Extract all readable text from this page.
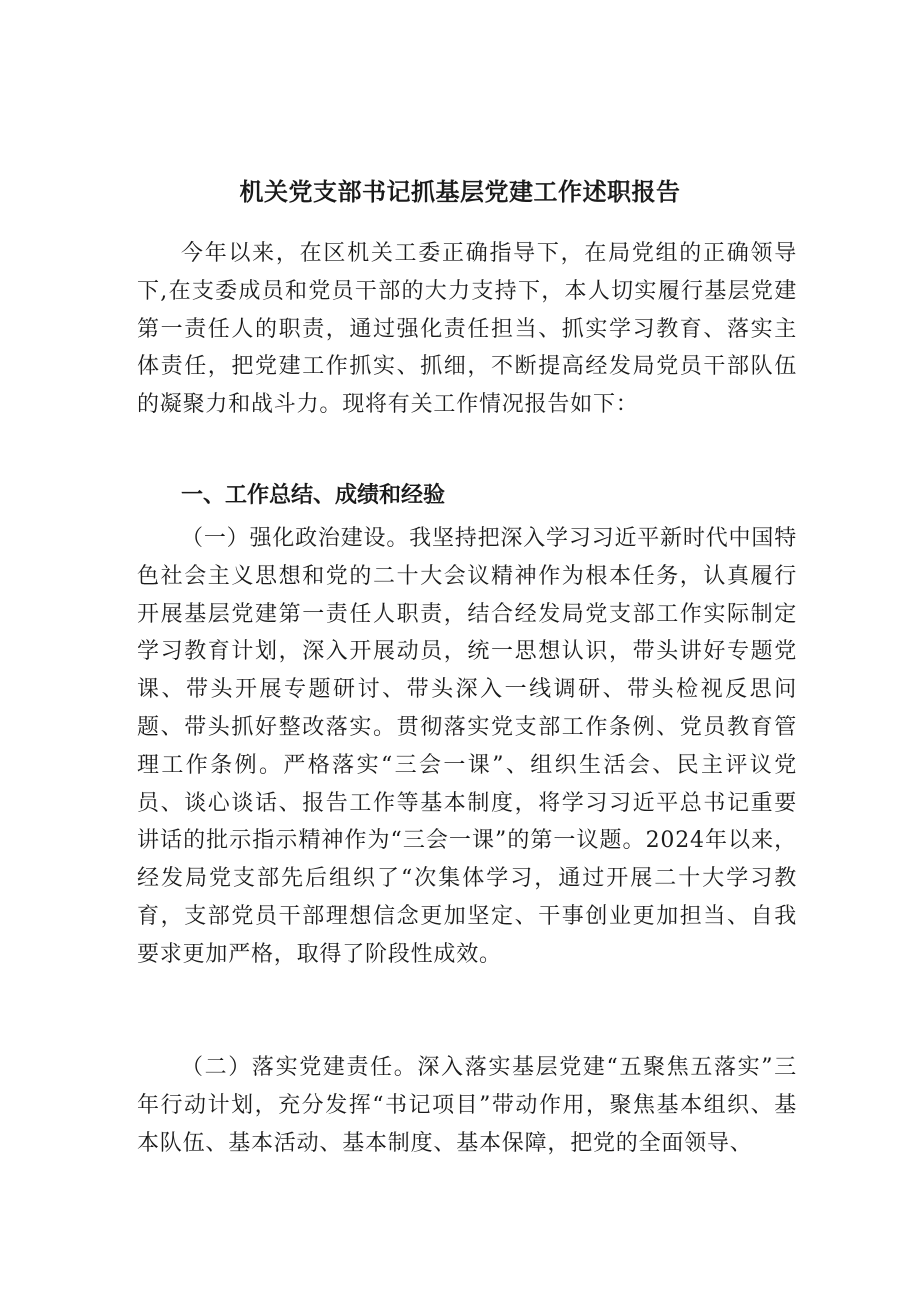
机关党支部书记抓基层党建工作述职报告

今年以来，在区机关工委正确指导下，在局党组的正确领导下,在支委成员和党员干部的大力支持下，本人切实履行基层党建第一责任人的职责，通过强化责任担当、抓实学习教育、落实主体责任，把党建工作抓实、抓细，不断提高经发局党员干部队伍的凝聚力和战斗力。现将有关工作情况报告如下：

一、工作总结、成绩和经验

（一）强化政治建设。我坚持把深入学习习近平新时代中国特色社会主义思想和党的二十大会议精神作为根本任务，认真履行开展基层党建第一责任人职责，结合经发局党支部工作实际制定学习教育计划，深入开展动员，统一思想认识，带头讲好专题党课、带头开展专题研讨、带头深入一线调研、带头检视反思问题、带头抓好整改落实。贯彻落实党支部工作条例、党员教育管理工作条例。严格落实“三会一课”、组织生活会、民主评议党员、谈心谈话、报告工作等基本制度，将学习习近平总书记重要讲话的批示指示精神作为“三会一课”的第一议题。2024年以来，经发局党支部先后组织了“次集体学习，通过开展二十大学习教育，支部党员干部理想信念更加坚定、干事创业更加担当、自我要求更加严格，取得了阶段性成效。

（二）落实党建责任。深入落实基层党建“五聚焦五落实”三年行动计划，充分发挥“书记项目”带动作用，聚焦基本组织、基本队伍、基本活动、基本制度、基本保障，把党的全面领导、
